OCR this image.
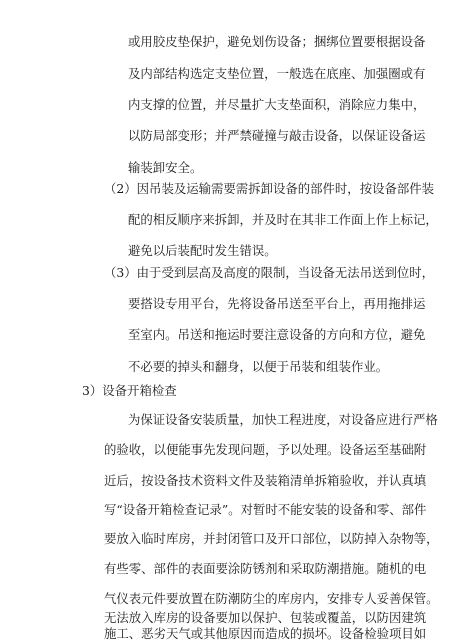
或用胶皮垫保护，避免划伤设备；捆绑位置要根据设备
及内部结构选定支垫位置，一般选在底座、加强圈或有
内支撑的位置，并尽量扩大支垫面积，消除应力集中，
以防局部变形；并严禁碰撞与敲击设备，以保证设备运
输装卸安全。
（2）因吊装及运输需要需拆卸设备的部件时，按设备部件装
配的相反顺序来拆卸，并及时在其非工作面上作上标记，
避免以后装配时发生错误。
（3）由于受到层高及高度的限制，当设备无法吊送到位时，
要搭设专用平台，先将设备吊送至平台上，再用拖排运
至室内。吊送和拖运时要注意设备的方向和方位，避免
不必要的掉头和翻身，以便于吊装和组装作业。
3）设备开箱检查
为保证设备安装质量，加快工程进度，对设备应进行严格
的验收，以便能事先发现问题，予以处理。设备运至基础附
近后，按设备技术资料文件及装箱清单拆箱验收，并认真填
写“设备开箱检查记录”。对暂时不能安装的设备和零、部件
要放入临时库房，并封闭管口及开口部位，以防掉入杂物等，
有些零、部件的表面要涂防锈剂和采取防潮措施。随机的电
气仪表元件要放置在防潮防尘的库房内，安排专人妥善保管。
无法放入库房的设备要加以保护、包装或覆盖，以防因建筑
施工、恶劣天气或其他原因而造成的损坏。设备检验项目如
